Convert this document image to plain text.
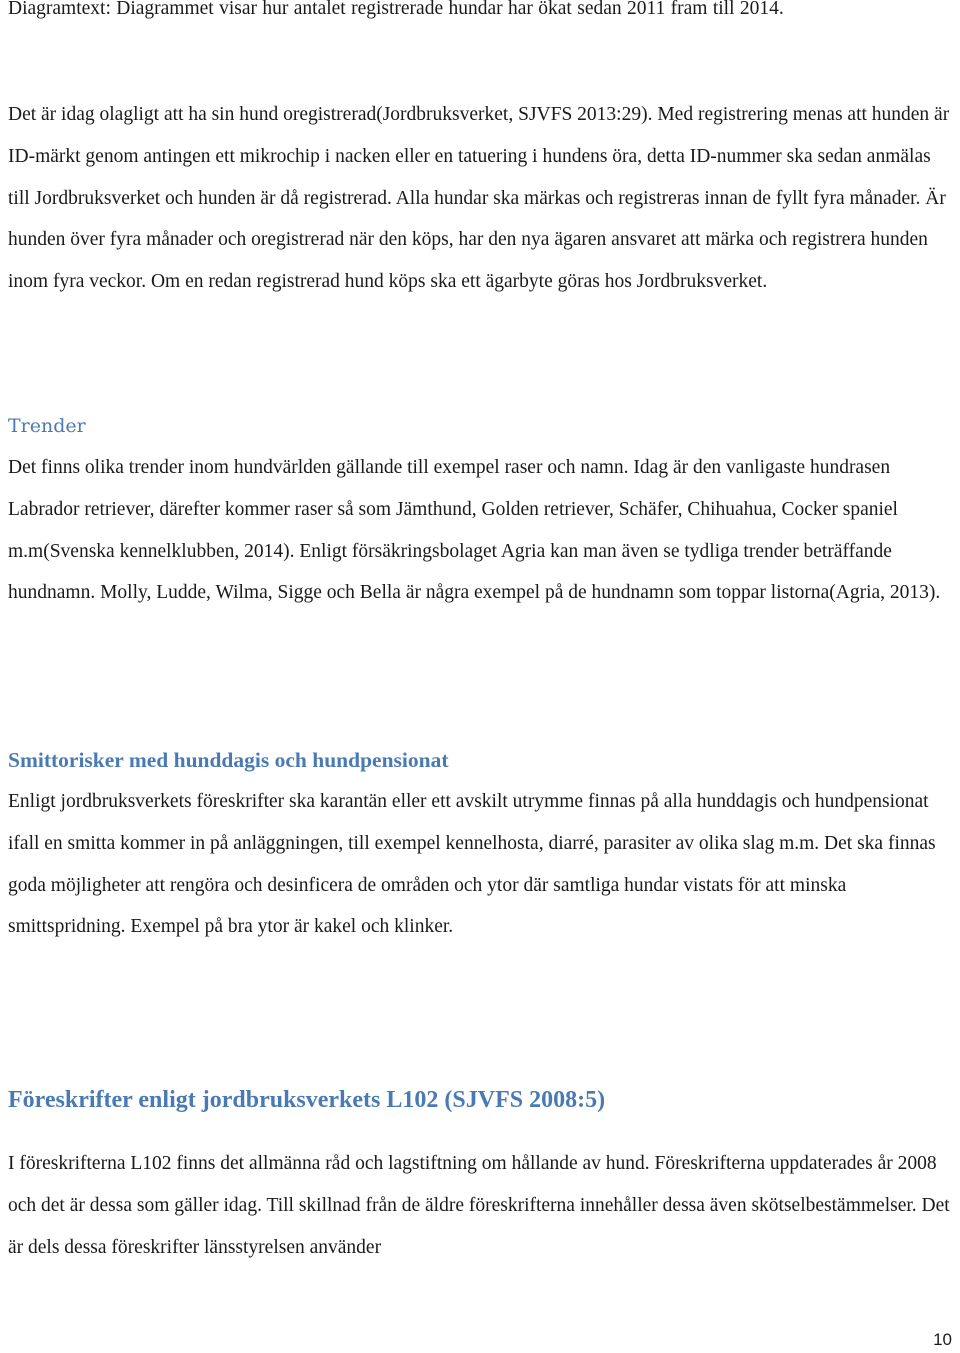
Diagramtext: Diagrammet visar hur antalet registrerade hundar har ökat sedan 2011 fram till 2014.

Det är idag olagligt att ha sin hund oregistrerad(Jordbruksverket, SJVFS 2013:29). Med registrering menas att hunden är ID-märkt genom antingen ett mikrochip i nacken eller en tatuering i hundens öra, detta ID-nummer ska sedan anmälas till Jordbruksverket och hunden är då registrerad. Alla hundar ska märkas och registreras innan de fyllt fyra månader. Är hunden över fyra månader och oregistrerad när den köps, har den nya ägaren ansvaret att märka och registrera hunden inom fyra veckor. Om en redan registrerad hund köps ska ett ägarbyte göras hos Jordbruksverket.

Trender

Det finns olika trender inom hundvärlden gällande till exempel raser och namn. Idag är den vanligaste hundrasen Labrador retriever, därefter kommer raser så som Jämthund, Golden retriever, Schäfer, Chihuahua, Cocker spaniel m.m(Svenska kennelklubben, 2014). Enligt försäkringsbolaget Agria kan man även se tydliga trender beträffande hundnamn. Molly, Ludde, Wilma, Sigge och Bella är några exempel på de hundnamn som toppar listorna(Agria, 2013).

Smittorisker med hunddagis och hundpensionat

Enligt jordbruksverkets föreskrifter ska karantän eller ett avskilt utrymme finnas på alla hunddagis och hundpensionat ifall en smitta kommer in på anläggningen, till exempel kennelhosta, diarré, parasiter av olika slag m.m. Det ska finnas goda möjligheter att rengöra och desinficera de områden och ytor där samtliga hundar vistats för att minska smittspridning. Exempel på bra ytor är kakel och klinker.

Föreskrifter enligt jordbruksverkets L102 (SJVFS 2008:5)

I föreskrifterna L102 finns det allmänna råd och lagstiftning om hållande av hund. Föreskrifterna uppdaterades år 2008 och det är dessa som gäller idag. Till skillnad från de äldre föreskrifterna innehåller dessa även skötselbestämmelser. Det är dels dessa föreskrifter länsstyrelsen använder

10
